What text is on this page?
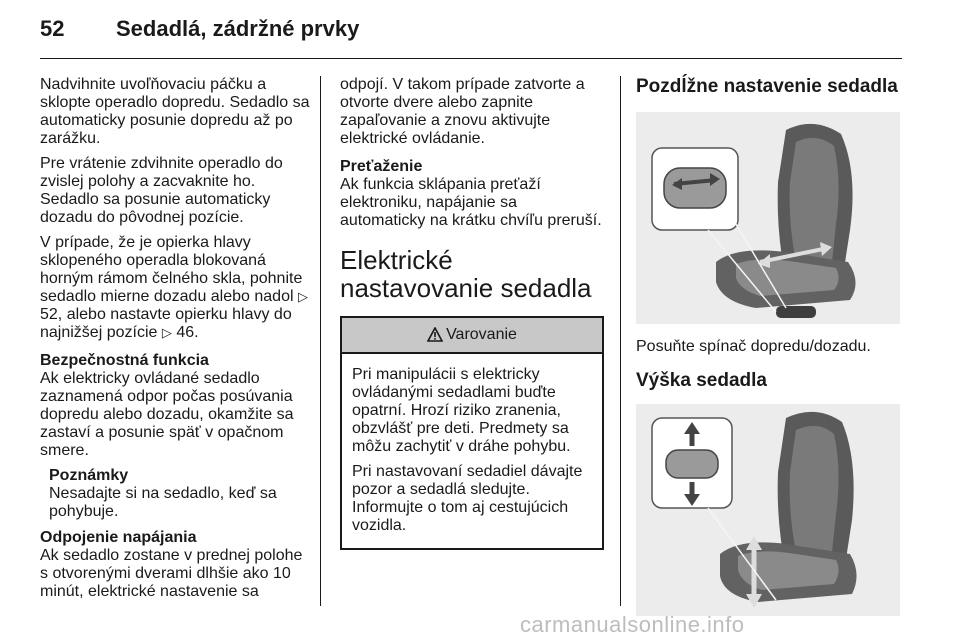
52 Sedadlá, zádržné prvky

Nadvihnite uvoľňovaciu páčku a sklopte operadlo dopredu. Sedadlo sa automaticky posunie dopredu až po zarážku.

Pre vrátenie zdvihnite operadlo do zvislej polohy a zacvaknite ho. Sedadlo sa posunie automaticky dozadu do pôvodnej pozície.

V prípade, že je opierka hlavy sklopeného operadla blokovaná horným rámom čelného skla, pohnite sedadlo mierne dozadu alebo nadol ▷ 52, alebo nastavte opierku hlavy do najnižšej pozície ▷ 46.

Bezpečnostná funkcia

Ak elektricky ovládané sedadlo zaznamená odpor počas posúvania dopredu alebo dozadu, okamžite sa zastaví a posunie späť v opačnom smere.

Poznámky
Nesadajte si na sedadlo, keď sa pohybuje.
Odpojenie napájania

Ak sedadlo zostane v prednej polohe s otvorenými dverami dlhšie ako 10 minút, elektrické nastavenie sa

odpojí. V takom prípade zatvorte a otvorte dvere alebo zapnite zapaľovanie a znovu aktivujte elektrické ovládanie.

Preťaženie

Ak funkcia sklápania preťaží elektroniku, napájanie sa automaticky na krátku chvíľu preruší.

Elektrické nastavovanie sedadla
Varovanie

Pri manipulácii s elektricky ovládanými sedadlami buďte opatrní. Hrozí riziko zranenia, obzvlášť pre deti. Predmety sa môžu zachytiť v dráhe pohybu.

Pri nastavovaní sedadiel dávajte pozor a sedadlá sledujte. Informujte o tom aj cestujúcich vozidla.

Pozdĺžne nastavenie sedadla

Posuňte spínač dopredu/dozadu.

Výška sedadla
carmanualsonline.info
